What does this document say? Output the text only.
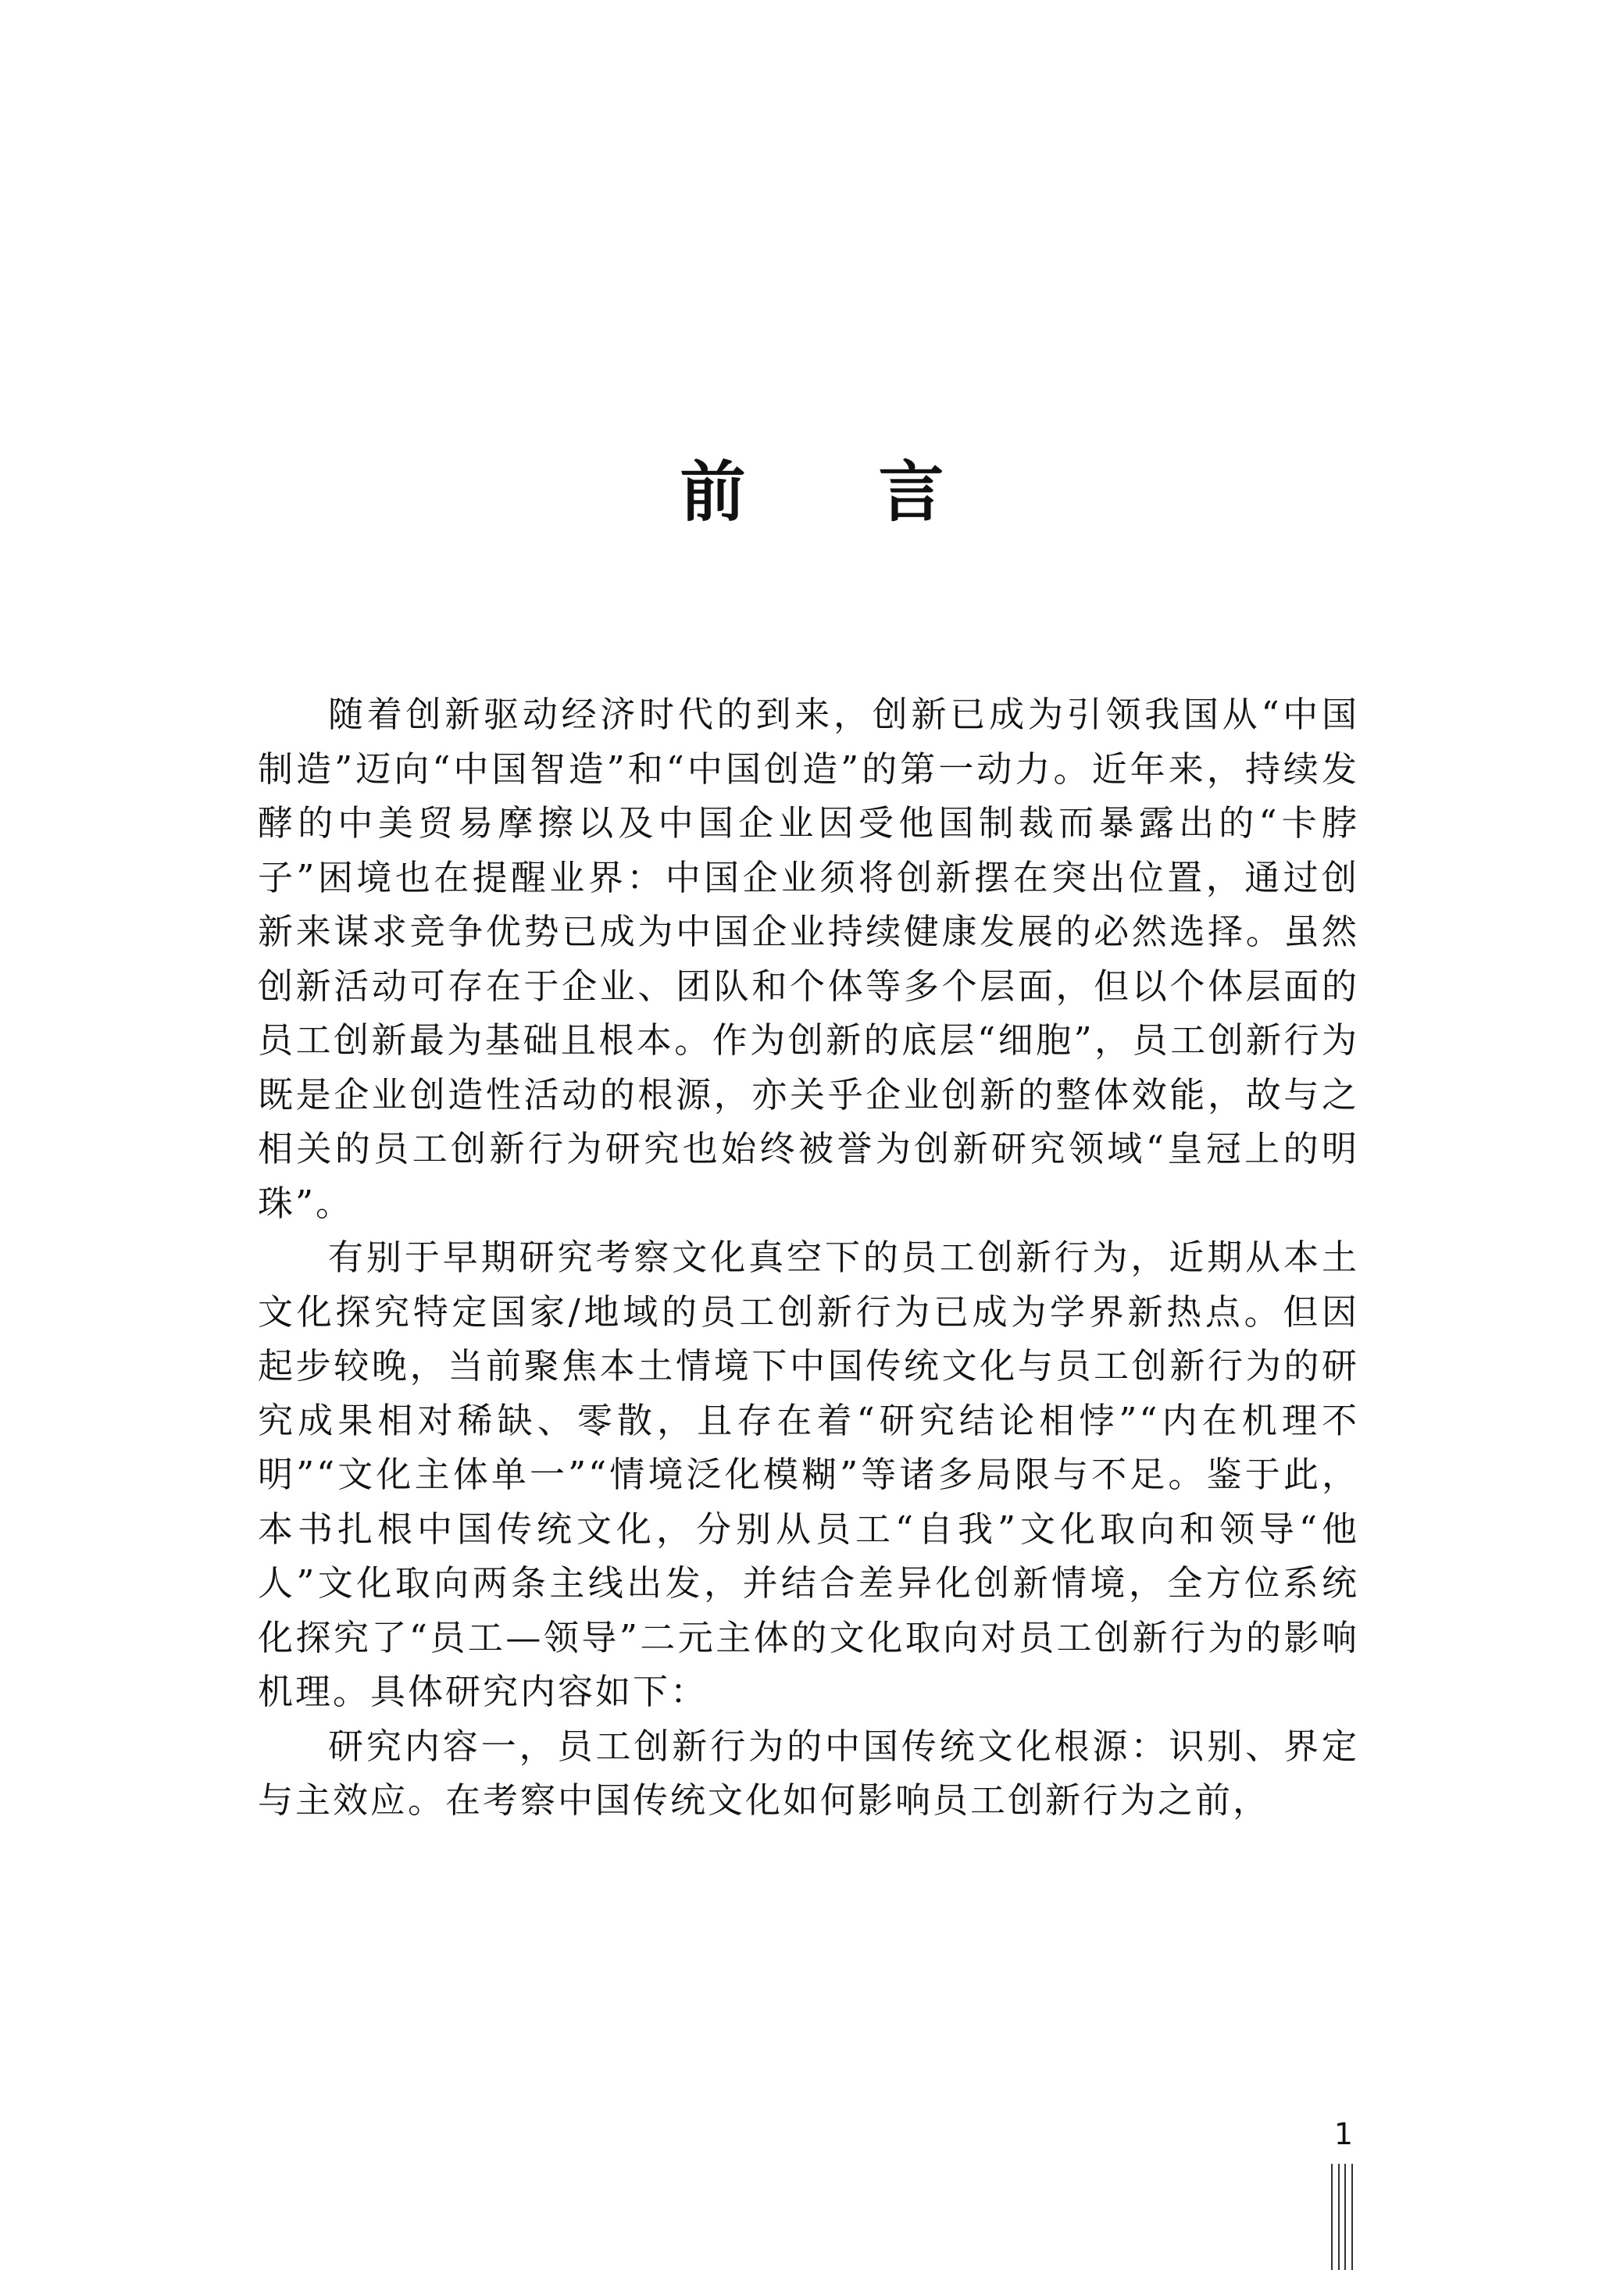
前言

随着创新驱动经济时代的到来，创新已成为引领我国从“中国制造”迈向“中国智造”和“中国创造”的第一动力。近年来，持续发酵的中美贸易摩擦以及中国企业因受他国制裁而暴露出的“卡脖子”困境也在提醒业界：中国企业须将创新摆在突出位置，通过创新来谋求竞争优势已成为中国企业持续健康发展的必然选择。虽然创新活动可存在于企业、团队和个体等多个层面，但以个体层面的员工创新最为基础且根本。作为创新的底层“细胞”，员工创新行为既是企业创造性活动的根源，亦关乎企业创新的整体效能，故与之相关的员工创新行为研究也始终被誉为创新研究领域“皇冠上的明珠”。

有别于早期研究考察文化真空下的员工创新行为，近期从本土文化探究特定国家/地域的员工创新行为已成为学界新热点。但因起步较晚，当前聚焦本土情境下中国传统文化与员工创新行为的研究成果相对稀缺、零散，且存在着“研究结论相悖”“内在机理不明”“文化主体单一”“情境泛化模糊”等诸多局限与不足。鉴于此，本书扎根中国传统文化，分别从员工“自我”文化取向和领导“他人”文化取向两条主线出发，并结合差异化创新情境，全方位系统化探究了“员工—领导”二元主体的文化取向对员工创新行为的影响机理。具体研究内容如下：

研究内容一，员工创新行为的中国传统文化根源：识别、界定与主效应。在考察中国传统文化如何影响员工创新行为之前，

1
